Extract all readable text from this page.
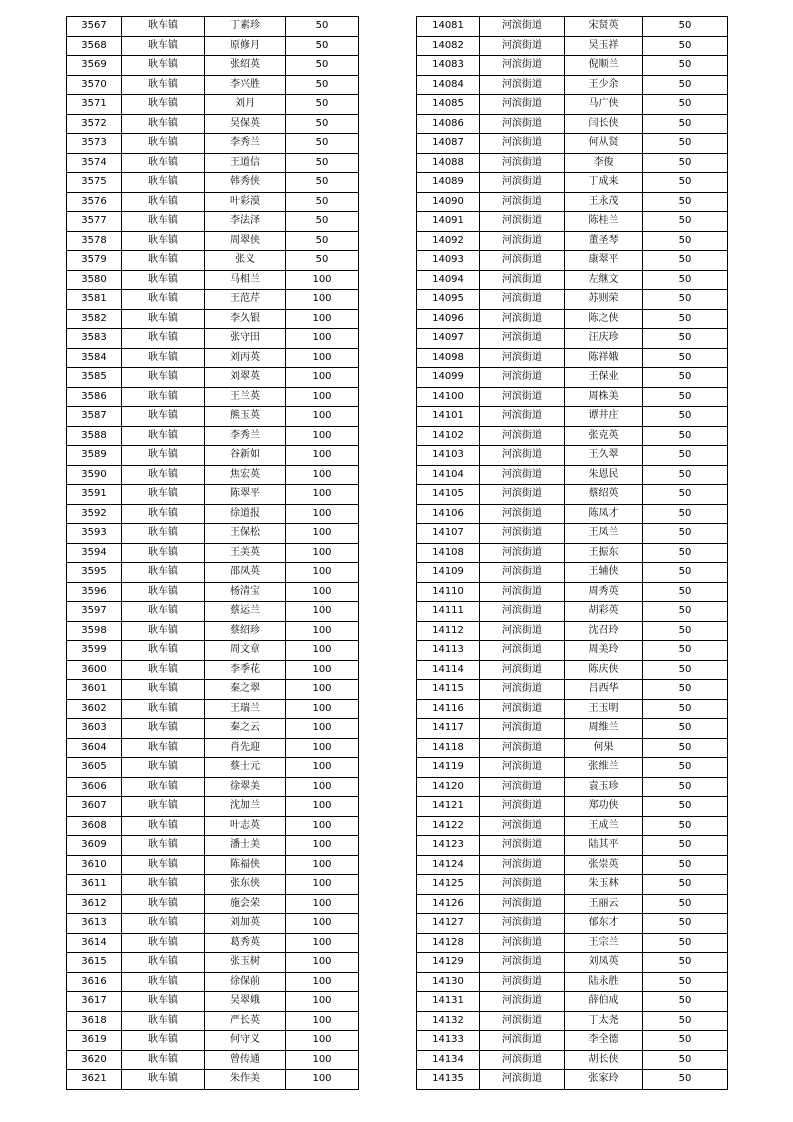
3567	耿车镇	丁素珍	50
3568	耿车镇	原修月	50
3569	耿车镇	张绍英	50
3570	耿车镇	李兴胜	50
3571	耿车镇	刘月	50
3572	耿车镇	吴保英	50
3573	耿车镇	李秀兰	50
3574	耿车镇	王道信	50
3575	耿车镇	韩秀侠	50
3576	耿车镇	叶彩漠	50
3577	耿车镇	李法泽	50
3578	耿车镇	周翠侠	50
3579	耿车镇	张义	50
3580	耿车镇	马相兰	100
3581	耿车镇	王范芹	100
3582	耿车镇	李久银	100
3583	耿车镇	张守田	100
3584	耿车镇	刘丙英	100
3585	耿车镇	刘翠英	100
3586	耿车镇	王兰英	100
3587	耿车镇	熊玉英	100
3588	耿车镇	李秀兰	100
3589	耿车镇	谷新如	100
3590	耿车镇	焦宏英	100
3591	耿车镇	陈翠平	100
3592	耿车镇	徐道报	100
3593	耿车镇	王保松	100
3594	耿车镇	王美英	100
3595	耿车镇	邵凤英	100
3596	耿车镇	杨清宝	100
3597	耿车镇	蔡运兰	100
3598	耿车镇	蔡绍珍	100
3599	耿车镇	周文章	100
3600	耿车镇	李季花	100
3601	耿车镇	秦之翠	100
3602	耿车镇	王瑞兰	100
3603	耿车镇	秦之云	100
3604	耿车镇	肖先迎	100
3605	耿车镇	蔡士元	100
3606	耿车镇	徐翠美	100
3607	耿车镇	沈加兰	100
3608	耿车镇	叶志英	100
3609	耿车镇	潘士美	100
3610	耿车镇	陈福侠	100
3611	耿车镇	张东侠	100
3612	耿车镇	施会荣	100
3613	耿车镇	刘加英	100
3614	耿车镇	葛秀英	100
3615	耿车镇	张玉树	100
3616	耿车镇	徐保前	100
3617	耿车镇	吴翠娥	100
3618	耿车镇	严长英	100
3619	耿车镇	何守义	100
3620	耿车镇	曾传通	100
3621	耿车镇	朱作美	100
14081	河滨街道	宋贤英	50
14082	河滨街道	吴玉祥	50
14083	河滨街道	倪顺兰	50
14084	河滨街道	王少余	50
14085	河滨街道	马广侠	50
14086	河滨街道	闫长侠	50
14087	河滨街道	何从贤	50
14088	河滨街道	李俊	50
14089	河滨街道	丁成来	50
14090	河滨街道	王永茂	50
14091	河滨街道	陈桂兰	50
14092	河滨街道	董圣琴	50
14093	河滨街道	康翠平	50
14094	河滨街道	左继文	50
14095	河滨街道	苏则荣	50
14096	河滨街道	陈之侠	50
14097	河滨街道	汪庆珍	50
14098	河滨街道	陈祥娥	50
14099	河滨街道	王保业	50
14100	河滨街道	周株美	50
14101	河滨街道	谭井庄	50
14102	河滨街道	张克英	50
14103	河滨街道	王久翠	50
14104	河滨街道	朱恩民	50
14105	河滨街道	蔡绍英	50
14106	河滨街道	陈凤才	50
14107	河滨街道	王凤兰	50
14108	河滨街道	王振东	50
14109	河滨街道	王辅侠	50
14110	河滨街道	周秀英	50
14111	河滨街道	胡彩英	50
14112	河滨街道	沈召玲	50
14113	河滨街道	周美玲	50
14114	河滨街道	陈庆侠	50
14115	河滨街道	吕西华	50
14116	河滨街道	王玉明	50
14117	河滨街道	周维兰	50
14118	河滨街道	何果	50
14119	河滨街道	张维兰	50
14120	河滨街道	袁玉珍	50
14121	河滨街道	郑功侠	50
14122	河滨街道	王成兰	50
14123	河滨街道	陆其平	50
14124	河滨街道	张崇英	50
14125	河滨街道	朱玉林	50
14126	河滨街道	王丽云	50
14127	河滨街道	郁东才	50
14128	河滨街道	王宗兰	50
14129	河滨街道	刘凤英	50
14130	河滨街道	陆永胜	50
14131	河滨街道	薛伯成	50
14132	河滨街道	丁太尧	50
14133	河滨街道	李全德	50
14134	河滨街道	胡长侠	50
14135	河滨街道	张家玲	50
